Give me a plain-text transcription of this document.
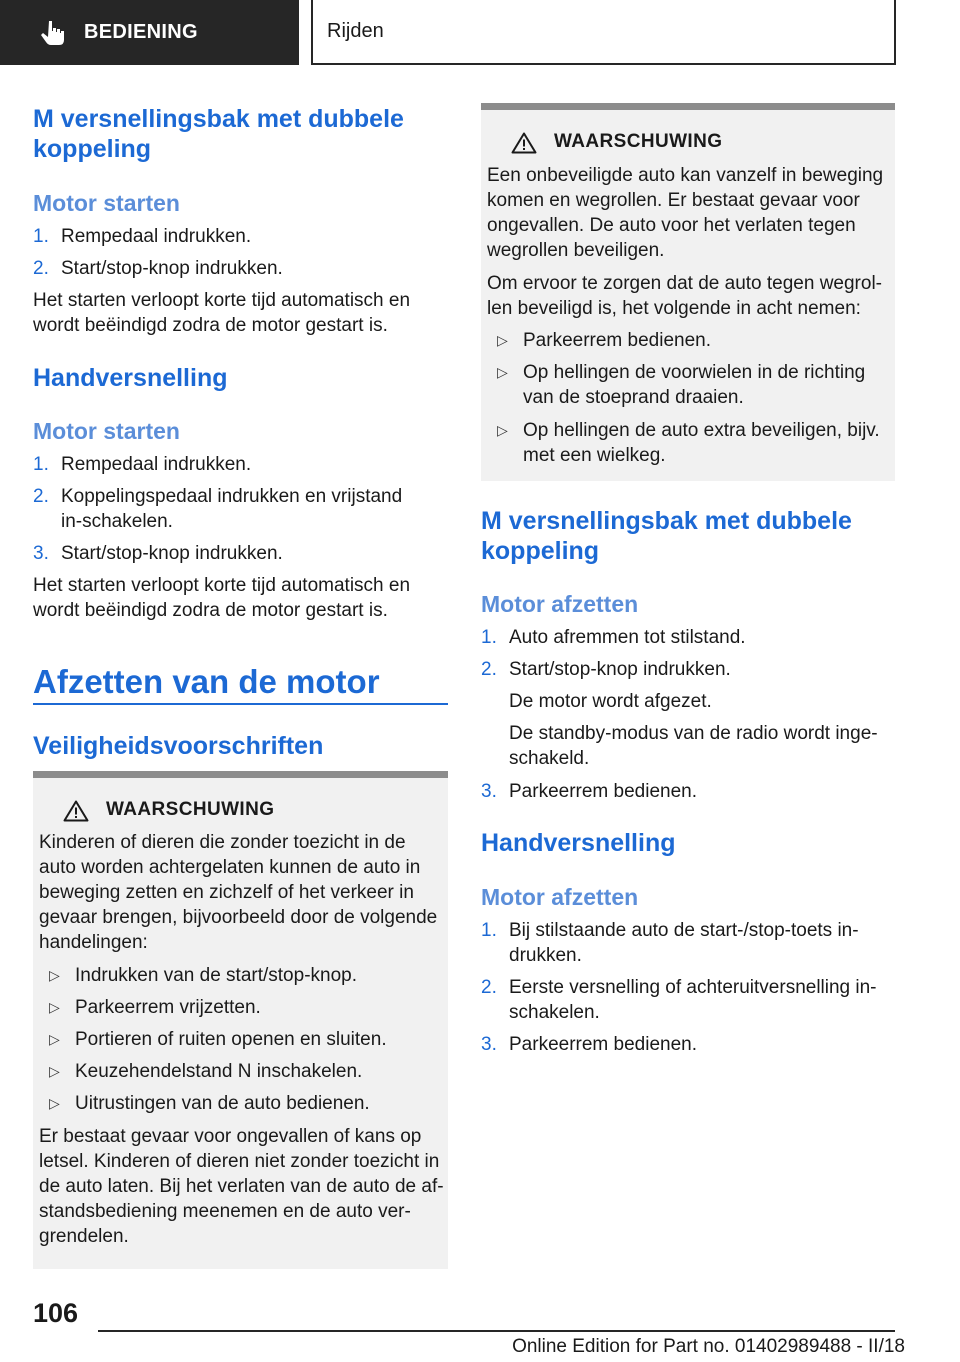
BEDIENING	Rijden
M versnellingsbak met dubbele koppeling
Motor starten
1. Rempedaal indrukken.
2. Start/stop-knop indrukken.
Het starten verloopt korte tijd automatisch en wordt beëindigd zodra de motor gestart is.
Handversnelling
Motor starten
1. Rempedaal indrukken.
2. Koppelingspedaal indrukken en vrijstand in-schakelen.
3. Start/stop-knop indrukken.
Het starten verloopt korte tijd automatisch en wordt beëindigd zodra de motor gestart is.
Afzetten van de motor
Veiligheidsvoorschriften
WAARSCHUWING
Kinderen of dieren die zonder toezicht in de auto worden achtergelaten kunnen de auto in beweging zetten en zichzelf of het verkeer in gevaar brengen, bijvoorbeeld door de volgende handelingen:
▷ Indrukken van de start/stop-knop.
▷ Parkeerrem vrijzetten.
▷ Portieren of ruiten openen en sluiten.
▷ Keuzehendelstand N inschakelen.
▷ Uitrustingen van de auto bedienen.
Er bestaat gevaar voor ongevallen of kans op letsel. Kinderen of dieren niet zonder toezicht in de auto laten. Bij het verlaten van de auto de af-standsbediening meenemen en de auto ver-grendelen.
WAARSCHUWING
Een onbeveiligde auto kan vanzelf in beweging komen en wegrollen. Er bestaat gevaar voor ongevallen. De auto voor het verlaten tegen wegrollen beveiligen.
Om ervoor te zorgen dat de auto tegen wegrol-len beveiligd is, het volgende in acht nemen:
▷ Parkeerrem bedienen.
▷ Op hellingen de voorwielen in de richting van de stoeprand draaien.
▷ Op hellingen de auto extra beveiligen, bijv. met een wielkeg.
M versnellingsbak met dubbele koppeling
Motor afzetten
1. Auto afremmen tot stilstand.
2. Start/stop-knop indrukken.
De motor wordt afgezet.
De standby-modus van de radio wordt inge-schakeld.
3. Parkeerrem bedienen.
Handversnelling
Motor afzetten
1. Bij stilstaande auto de start-/stop-toets in-drukken.
2. Eerste versnelling of achteruitversnelling in-schakelen.
3. Parkeerrem bedienen.
106
Online Edition for Part no. 01402989488 - II/18
